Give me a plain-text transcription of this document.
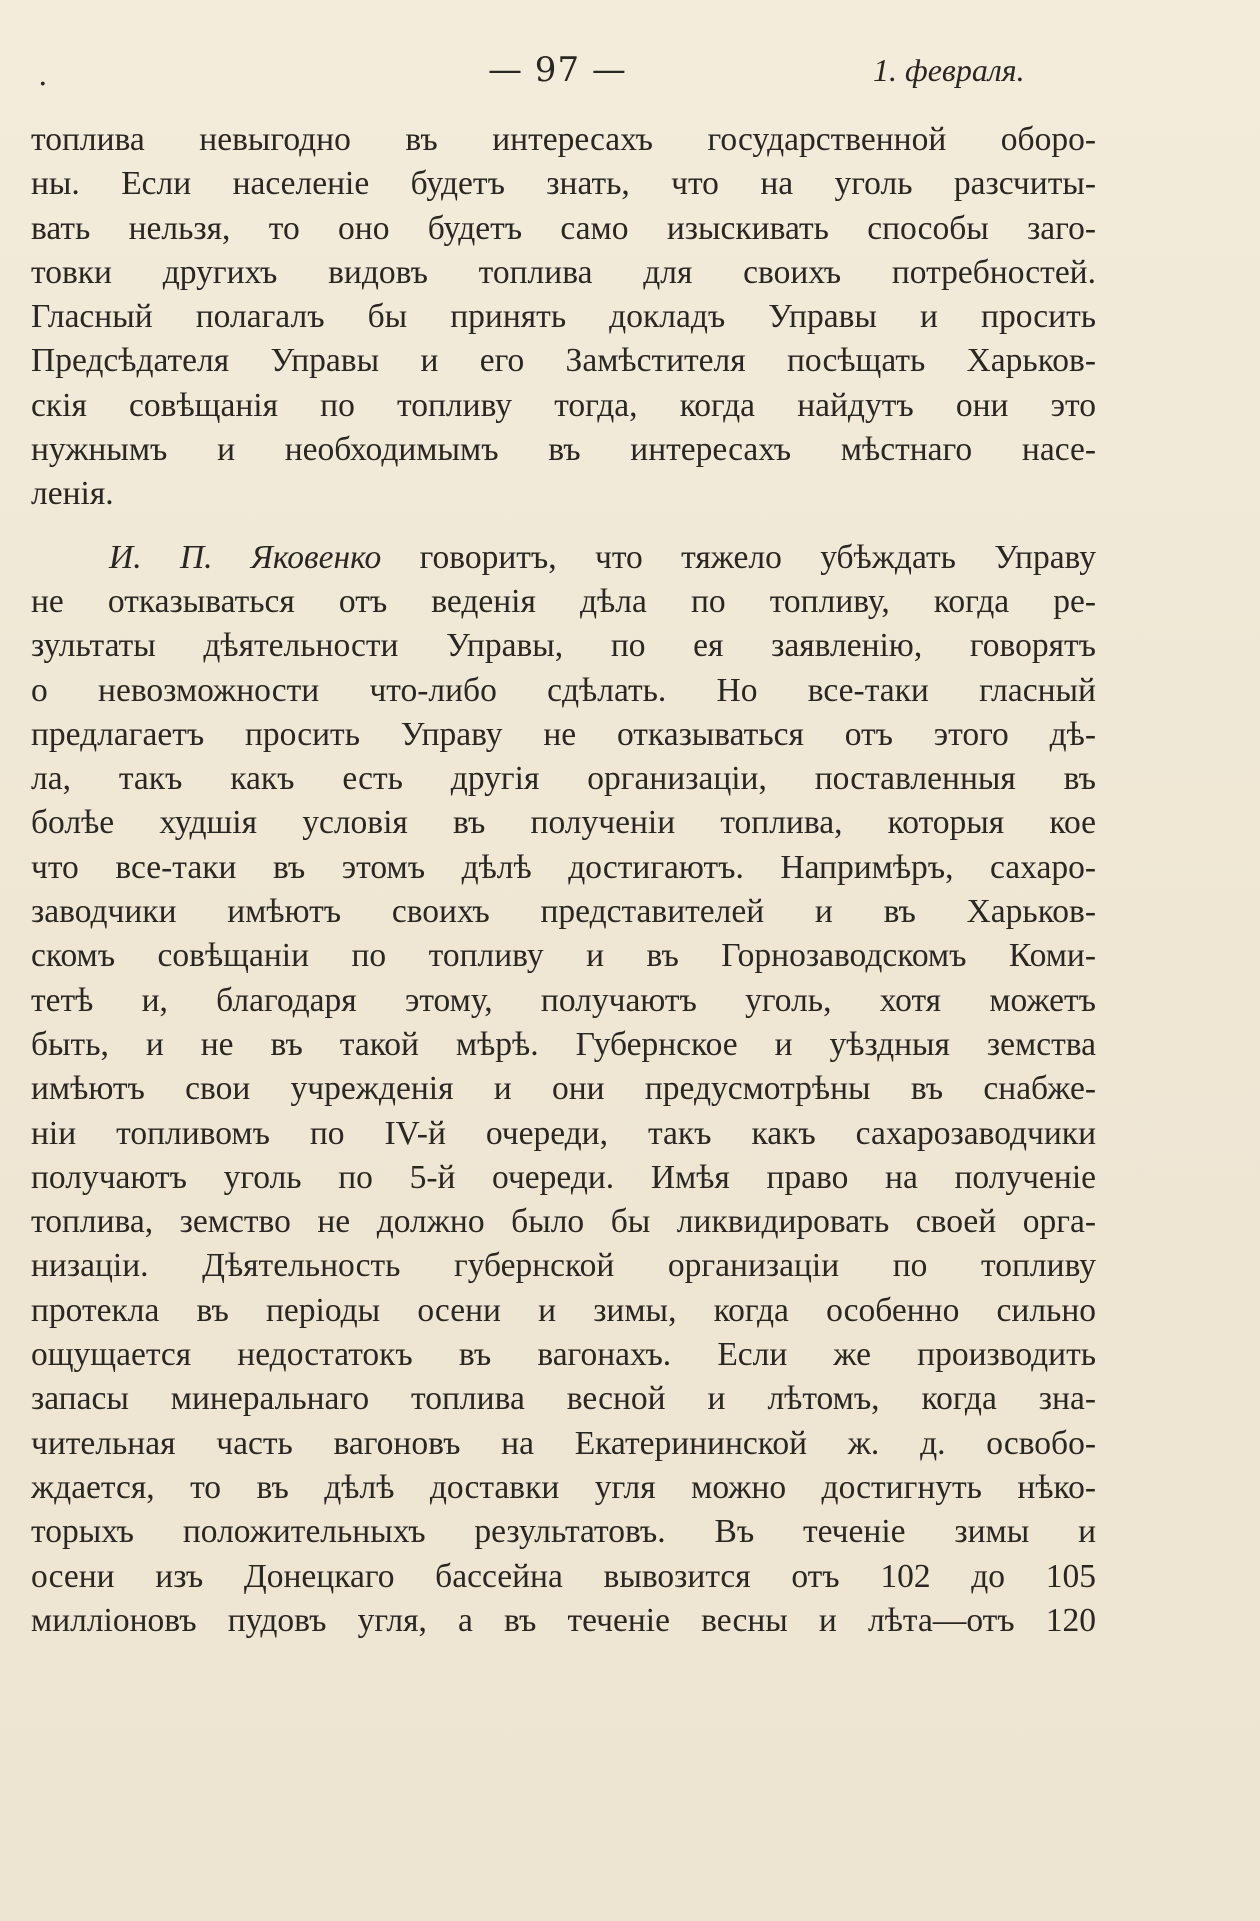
.	— 97 —	1. февраля.
топлива невыгодно въ интересахъ государственной оборо-
ны. Если населеніе будетъ знать, что на уголь разсчиты-
вать нельзя, то оно будетъ само изыскивать способы заго-
товки другихъ видовъ топлива для своихъ потребностей.
Гласный полагалъ бы принять докладъ Управы и просить
Предсѣдателя Управы и его Замѣстителя посѣщать Харьков-
скія совѣщанія по топливу тогда, когда найдутъ они это
нужнымъ и необходимымъ въ интересахъ мѣстнаго насе-
ленія.
И. П. Яковенко говоритъ, что тяжело убѣждать Управу
не отказываться отъ веденія дѣла по топливу, когда ре-
зультаты дѣятельности Управы, по ея заявленію, говорятъ
о невозможности что-либо сдѣлать. Но все-таки гласный
предлагаетъ просить Управу не отказываться отъ этого дѣ-
ла, такъ какъ есть другія организаціи, поставленныя въ
болѣе худшія условія въ полученіи топлива, которыя кое
что все-таки въ этомъ дѣлѣ достигаютъ. Напримѣръ, сахаро-
заводчики имѣютъ своихъ представителей и въ Харьков-
скомъ совѣщаніи по топливу и въ Горнозаводскомъ Коми-
тетѣ и, благодаря этому, получаютъ уголь, хотя можетъ
быть, и не въ такой мѣрѣ. Губернское и уѣздныя земства
имѣютъ свои учрежденія и они предусмотрѣны въ снабже-
ніи топливомъ по IV-й очереди, такъ какъ сахарозаводчики
получаютъ уголь по 5-й очереди. Имѣя право на полученіе
топлива, земство не должно было бы ликвидировать своей орга-
низаціи. Дѣятельность губернской организаціи по топливу
протекла въ періоды осени и зимы, когда особенно сильно
ощущается недостатокъ въ вагонахъ. Если же производить
запасы минеральнаго топлива весной и лѣтомъ, когда зна-
чительная часть вагоновъ на Екатерининской ж. д. освобо-
ждается, то въ дѣлѣ доставки угля можно достигнуть нѣко-
торыхъ положительныхъ результатовъ. Въ теченіе зимы и
осени изъ Донецкаго бассейна вывозится отъ 102 до 105
милліоновъ пудовъ угля, а въ теченіе весны и лѣта—отъ 120
